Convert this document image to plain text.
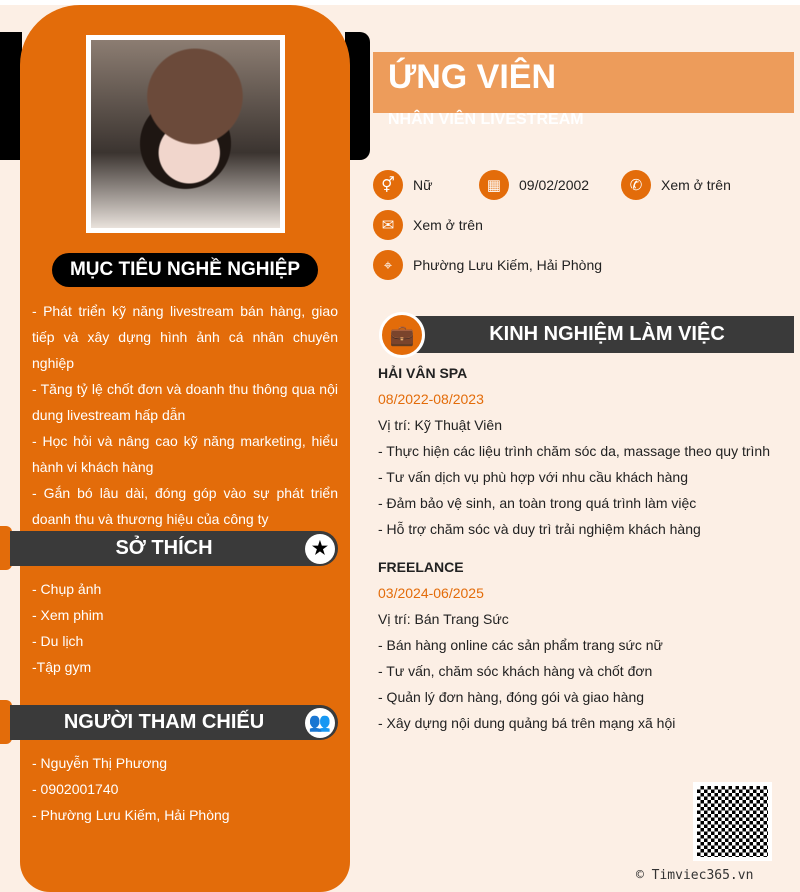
MỤC TIÊU NGHỀ NGHIỆP
- Phát triển kỹ năng livestream bán hàng, giao tiếp và xây dựng hình ảnh cá nhân chuyên nghiệp
- Tăng tỷ lệ chốt đơn và doanh thu thông qua nội dung livestream hấp dẫn
- Học hỏi và nâng cao kỹ năng marketing, hiểu hành vi khách hàng
- Gắn bó lâu dài, đóng góp vào sự phát triển doanh thu và thương hiệu của công ty
SỞ THÍCH	★
- Chụp ảnh
- Xem phim
- Du lịch
-Tập gym
NGƯỜI THAM CHIẾU 👥
- Nguyễn Thị Phương
- 0902001740
- Phường Lưu Kiếm, Hải Phòng
ỨNG VIÊN
NHÂN VIÊN LIVESTREAM
⚥	Nữ	▦	09/02/2002	✆	Xem ở trên
✉	Xem ở trên
⌖	Phường Lưu Kiếm, Hải Phòng
KINH NGHIỆM LÀM VIỆC
💼
HẢI VÂN SPA
08/2022-08/2023
Vị trí: Kỹ Thuật Viên
- Thực hiện các liệu trình chăm sóc da, massage theo quy trình
- Tư vấn dịch vụ phù hợp với nhu cầu khách hàng
- Đảm bảo vệ sinh, an toàn trong quá trình làm việc
- Hỗ trợ chăm sóc và duy trì trải nghiệm khách hàng
FREELANCE
03/2024-06/2025
Vị trí: Bán Trang Sức
- Bán hàng online các sản phẩm trang sức nữ
- Tư vấn, chăm sóc khách hàng và chốt đơn
- Quản lý đơn hàng, đóng gói và giao hàng
- Xây dựng nội dung quảng bá trên mạng xã hội
© Timviec365.vn
